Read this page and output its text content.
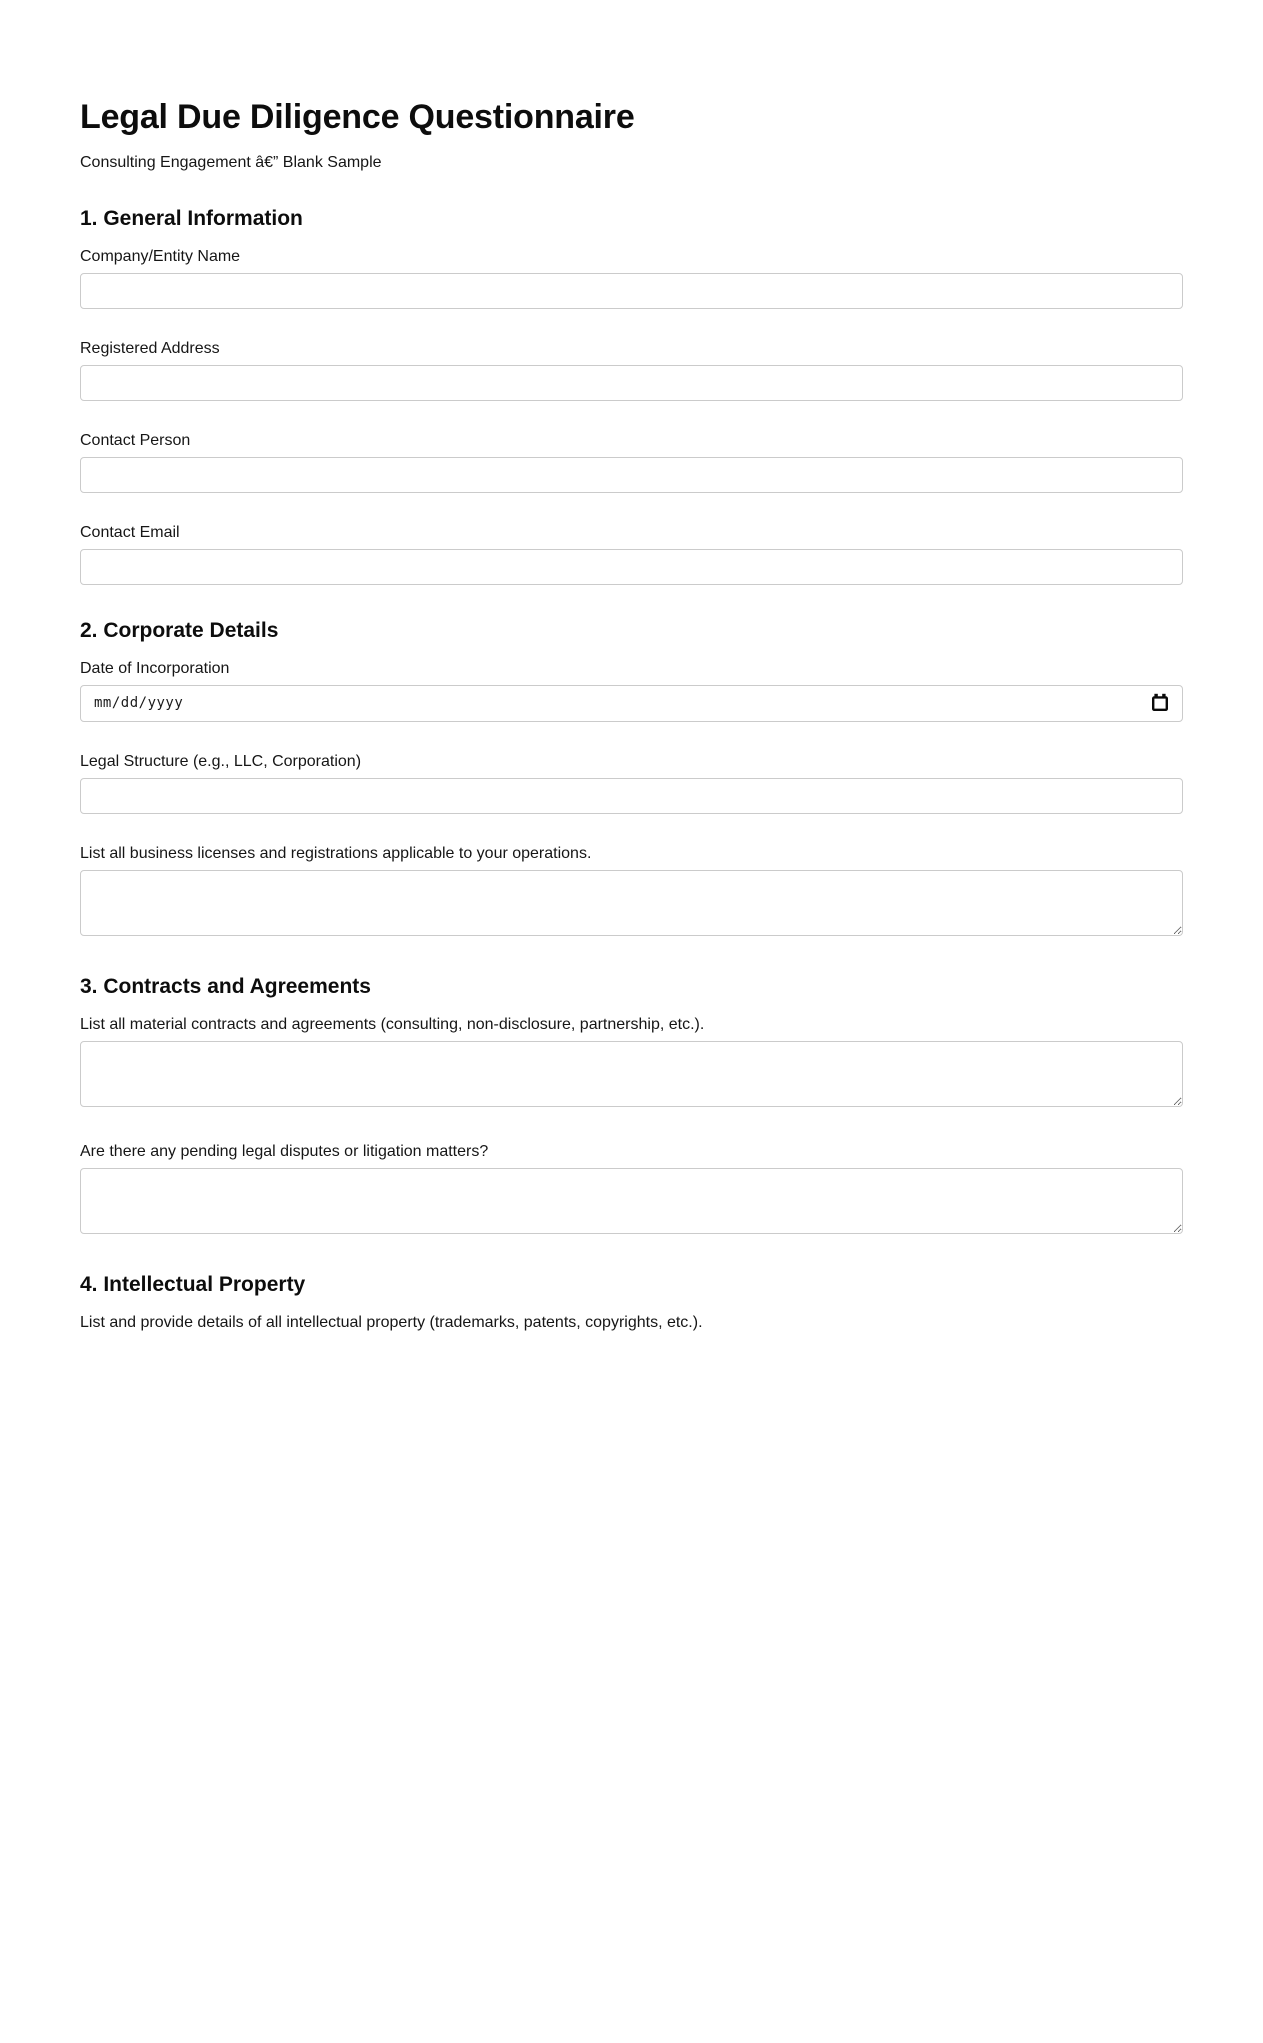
Legal Due Diligence Questionnaire

Consulting Engagement â€” Blank Sample

1. General Information
Company/Entity Name
Registered Address
Contact Person
Contact Email
2. Corporate Details
Date of Incorporation
mm/dd/yyyy
Legal Structure (e.g., LLC, Corporation)
List all business licenses and registrations applicable to your operations.
3. Contracts and Agreements
List all material contracts and agreements (consulting, non-disclosure, partnership, etc.).
Are there any pending legal disputes or litigation matters?
4. Intellectual Property
List and provide details of all intellectual property (trademarks, patents, copyrights, etc.).
